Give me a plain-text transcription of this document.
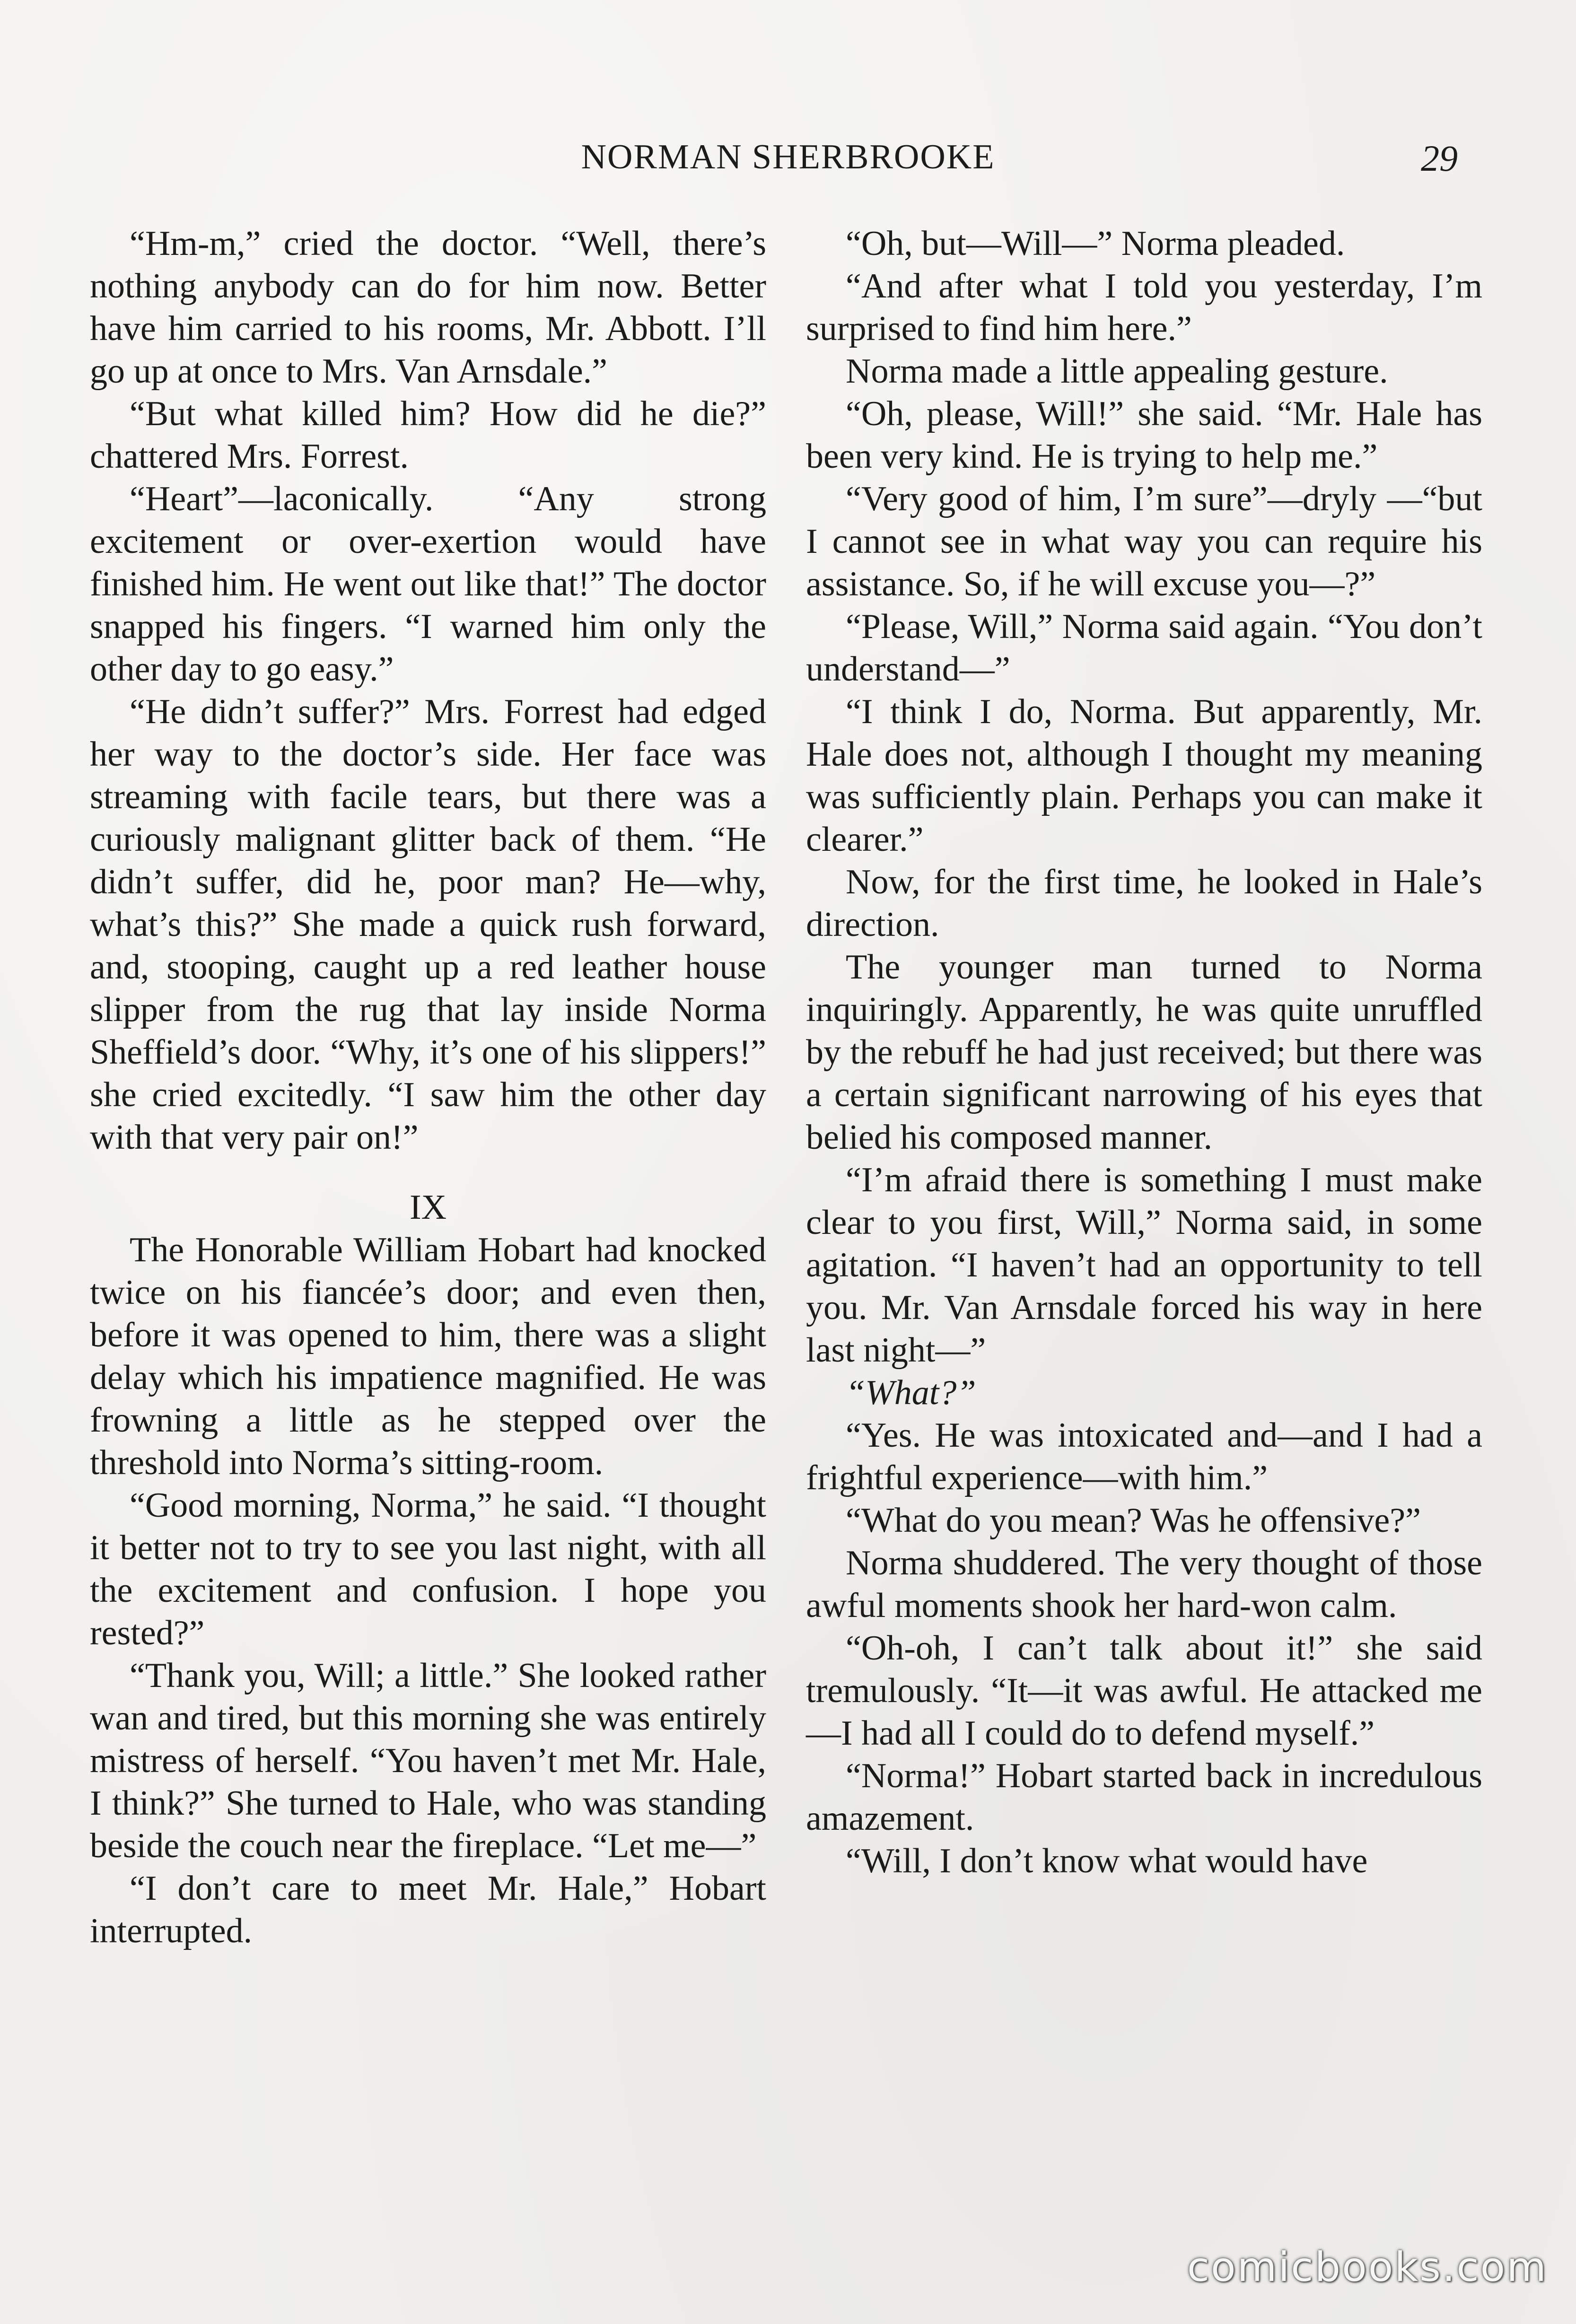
NORMAN SHERBROOKE	29

“Hm-m,” cried the doctor. “Well, there’s nothing anybody can do for him now. Better have him carried to his rooms, Mr. Abbott. I’ll go up at once to Mrs. Van Arnsdale.”

“But what killed him? How did he die?” chattered Mrs. Forrest.

“Heart”—laconically. “Any strong excitement or over-exertion would have finished him. He went out like that!” The doctor snapped his fingers. “I warned him only the other day to go easy.”

“He didn’t suffer?” Mrs. Forrest had edged her way to the doctor’s side. Her face was streaming with facile tears, but there was a curiously malignant glitter back of them. “He didn’t suffer, did he, poor man? He—why, what’s this?” She made a quick rush forward, and, stooping, caught up a red leather house slipper from the rug that lay inside Norma Sheffield’s door. “Why, it’s one of his slippers!” she cried excitedly. “I saw him the other day with that very pair on!”

IX

The Honorable William Hobart had knocked twice on his fiancée’s door; and even then, before it was opened to him, there was a slight delay which his impatience magnified. He was frowning a little as he stepped over the threshold into Norma’s sitting-room.

“Good morning, Norma,” he said. “I thought it better not to try to see you last night, with all the excitement and confusion. I hope you rested?”

“Thank you, Will; a little.” She looked rather wan and tired, but this morning she was entirely mistress of herself. “You haven’t met Mr. Hale, I think?” She turned to Hale, who was standing beside the couch near the fireplace. “Let me—”

“I don’t care to meet Mr. Hale,” Hobart interrupted.

“Oh, but—Will—” Norma pleaded.

“And after what I told you yesterday, I’m surprised to find him here.”

Norma made a little appealing gesture.

“Oh, please, Will!” she said. “Mr. Hale has been very kind. He is trying to help me.”

“Very good of him, I’m sure”—dryly —“but I cannot see in what way you can require his assistance. So, if he will excuse you—?”

“Please, Will,” Norma said again. “You don’t understand—”

“I think I do, Norma. But apparently, Mr. Hale does not, although I thought my meaning was sufficiently plain. Perhaps you can make it clearer.”

Now, for the first time, he looked in Hale’s direction.

The younger man turned to Norma inquiringly. Apparently, he was quite unruffled by the rebuff he had just received; but there was a certain significant narrowing of his eyes that belied his composed manner.

“I’m afraid there is something I must make clear to you first, Will,” Norma said, in some agitation. “I haven’t had an opportunity to tell you. Mr. Van Arnsdale forced his way in here last night—”

“What?”

“Yes. He was intoxicated and—and I had a frightful experience—with him.”

“What do you mean? Was he offensive?”

Norma shuddered. The very thought of those awful moments shook her hard-won calm.

“Oh-oh, I can’t talk about it!” she said tremulously. “It—it was awful. He attacked me—I had all I could do to defend myself.”

“Norma!” Hobart started back in incredulous amazement.

“Will, I don’t know what would have

comicbooks.com
